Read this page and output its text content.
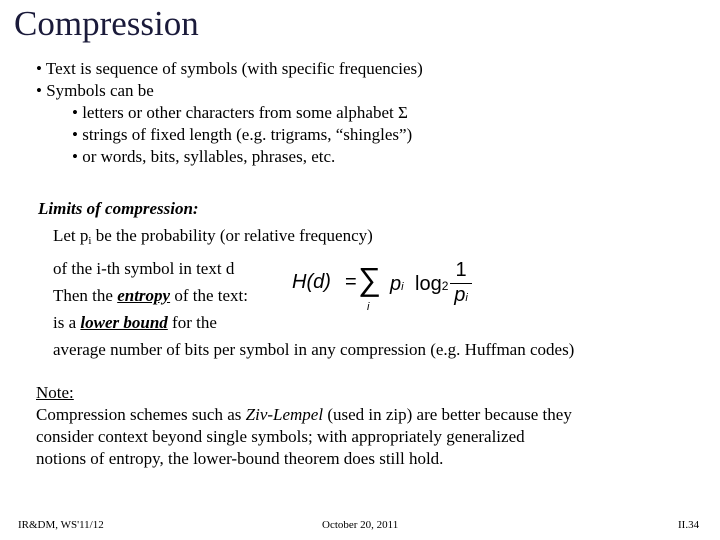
Compression
• Text is sequence of symbols (with specific frequencies)
• Symbols can be
• letters or other characters from some alphabet Σ
• strings of fixed length (e.g. trigrams, “shingles”)
• or words, bits, syllables, phrases, etc.
Limits of compression:
Let $p_i$ be the probability (or relative frequency)
of the i-th symbol in text d
Then the entropy of the text:
is a lower bound for the
average number of bits per symbol in any compression (e.g. Huffman codes)
H(d) = ∑
i
pi log2
1
pi
Note:
Compression schemes such as Ziv-Lempel (used in zip) are better because they
consider context beyond single symbols; with appropriately generalized
notions of entropy, the lower-bound theorem does still hold.
IR&DM, WS'11/12	October 20, 2011	II.34
